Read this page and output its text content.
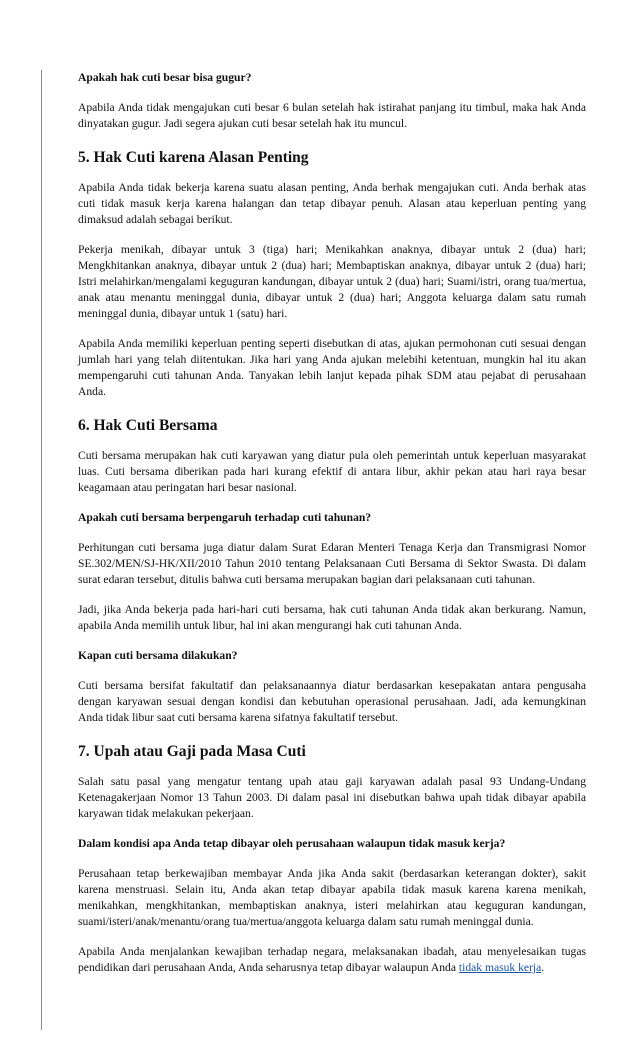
Apakah hak cuti besar bisa gugur?
Apabila Anda tidak mengajukan cuti besar 6 bulan setelah hak istirahat panjang itu timbul, maka hak Anda dinyatakan gugur. Jadi segera ajukan cuti besar setelah hak itu muncul.
5. Hak Cuti karena Alasan Penting
Apabila Anda tidak bekerja karena suatu alasan penting, Anda berhak mengajukan cuti. Anda berhak atas cuti tidak masuk kerja karena halangan dan tetap dibayar penuh. Alasan atau keperluan penting yang dimaksud adalah sebagai berikut.
Pekerja menikah, dibayar untuk 3 (tiga) hari; Menikahkan anaknya, dibayar untuk 2 (dua) hari; Mengkhitankan anaknya, dibayar untuk 2 (dua) hari; Membaptiskan anaknya, dibayar untuk 2 (dua) hari; Istri melahirkan/mengalami keguguran kandungan, dibayar untuk 2 (dua) hari; Suami/istri, orang tua/mertua, anak atau menantu meninggal dunia, dibayar untuk 2 (dua) hari; Anggota keluarga dalam satu rumah meninggal dunia, dibayar untuk 1 (satu) hari.
Apabila Anda memiliki keperluan penting seperti disebutkan di atas, ajukan permohonan cuti sesuai dengan jumlah hari yang telah diitentukan. Jika hari yang Anda ajukan melebihi ketentuan, mungkin hal itu akan mempengaruhi cuti tahunan Anda. Tanyakan lebih lanjut kepada pihak SDM atau pejabat di perusahaan Anda.
6. Hak Cuti Bersama
Cuti bersama merupakan hak cuti karyawan yang diatur pula oleh pemerintah untuk keperluan masyarakat luas. Cuti bersama diberikan pada hari kurang efektif di antara libur, akhir pekan atau hari raya besar keagamaan atau peringatan hari besar nasional.
Apakah cuti bersama berpengaruh terhadap cuti tahunan?
Perhitungan cuti bersama juga diatur dalam Surat Edaran Menteri Tenaga Kerja dan Transmigrasi Nomor SE.302/MEN/SJ-HK/XII/2010 Tahun 2010 tentang Pelaksanaan Cuti Bersama di Sektor Swasta. Di dalam surat edaran tersebut, ditulis bahwa cuti bersama merupakan bagian dari pelaksanaan cuti tahunan.
Jadi, jika Anda bekerja pada hari-hari cuti bersama, hak cuti tahunan Anda tidak akan berkurang. Namun, apabila Anda memilih untuk libur, hal ini akan mengurangi hak cuti tahunan Anda.
Kapan cuti bersama dilakukan?
Cuti bersama bersifat fakultatif dan pelaksanaannya diatur berdasarkan kesepakatan antara pengusaha dengan karyawan sesuai dengan kondisi dan kebutuhan operasional perusahaan. Jadi, ada kemungkinan Anda tidak libur saat cuti bersama karena sifatnya fakultatif tersebut.
7. Upah atau Gaji pada Masa Cuti
Salah satu pasal yang mengatur tentang upah atau gaji karyawan adalah pasal 93 Undang-Undang Ketenagakerjaan Nomor 13 Tahun 2003. Di dalam pasal ini disebutkan bahwa upah tidak dibayar apabila karyawan tidak melakukan pekerjaan.
Dalam kondisi apa Anda tetap dibayar oleh perusahaan walaupun tidak masuk kerja?
Perusahaan tetap berkewajiban membayar Anda jika Anda sakit (berdasarkan keterangan dokter), sakit karena menstruasi. Selain itu, Anda akan tetap dibayar apabila tidak masuk karena karena menikah, menikahkan, mengkhitankan, membaptiskan anaknya, isteri melahirkan atau keguguran kandungan, suami/isteri/anak/menantu/orang tua/mertua/anggota keluarga dalam satu rumah meninggal dunia.
Apabila Anda menjalankan kewajiban terhadap negara, melaksanakan ibadah, atau menyelesaikan tugas pendidikan dari perusahaan Anda, Anda seharusnya tetap dibayar walaupun Anda tidak masuk kerja.
